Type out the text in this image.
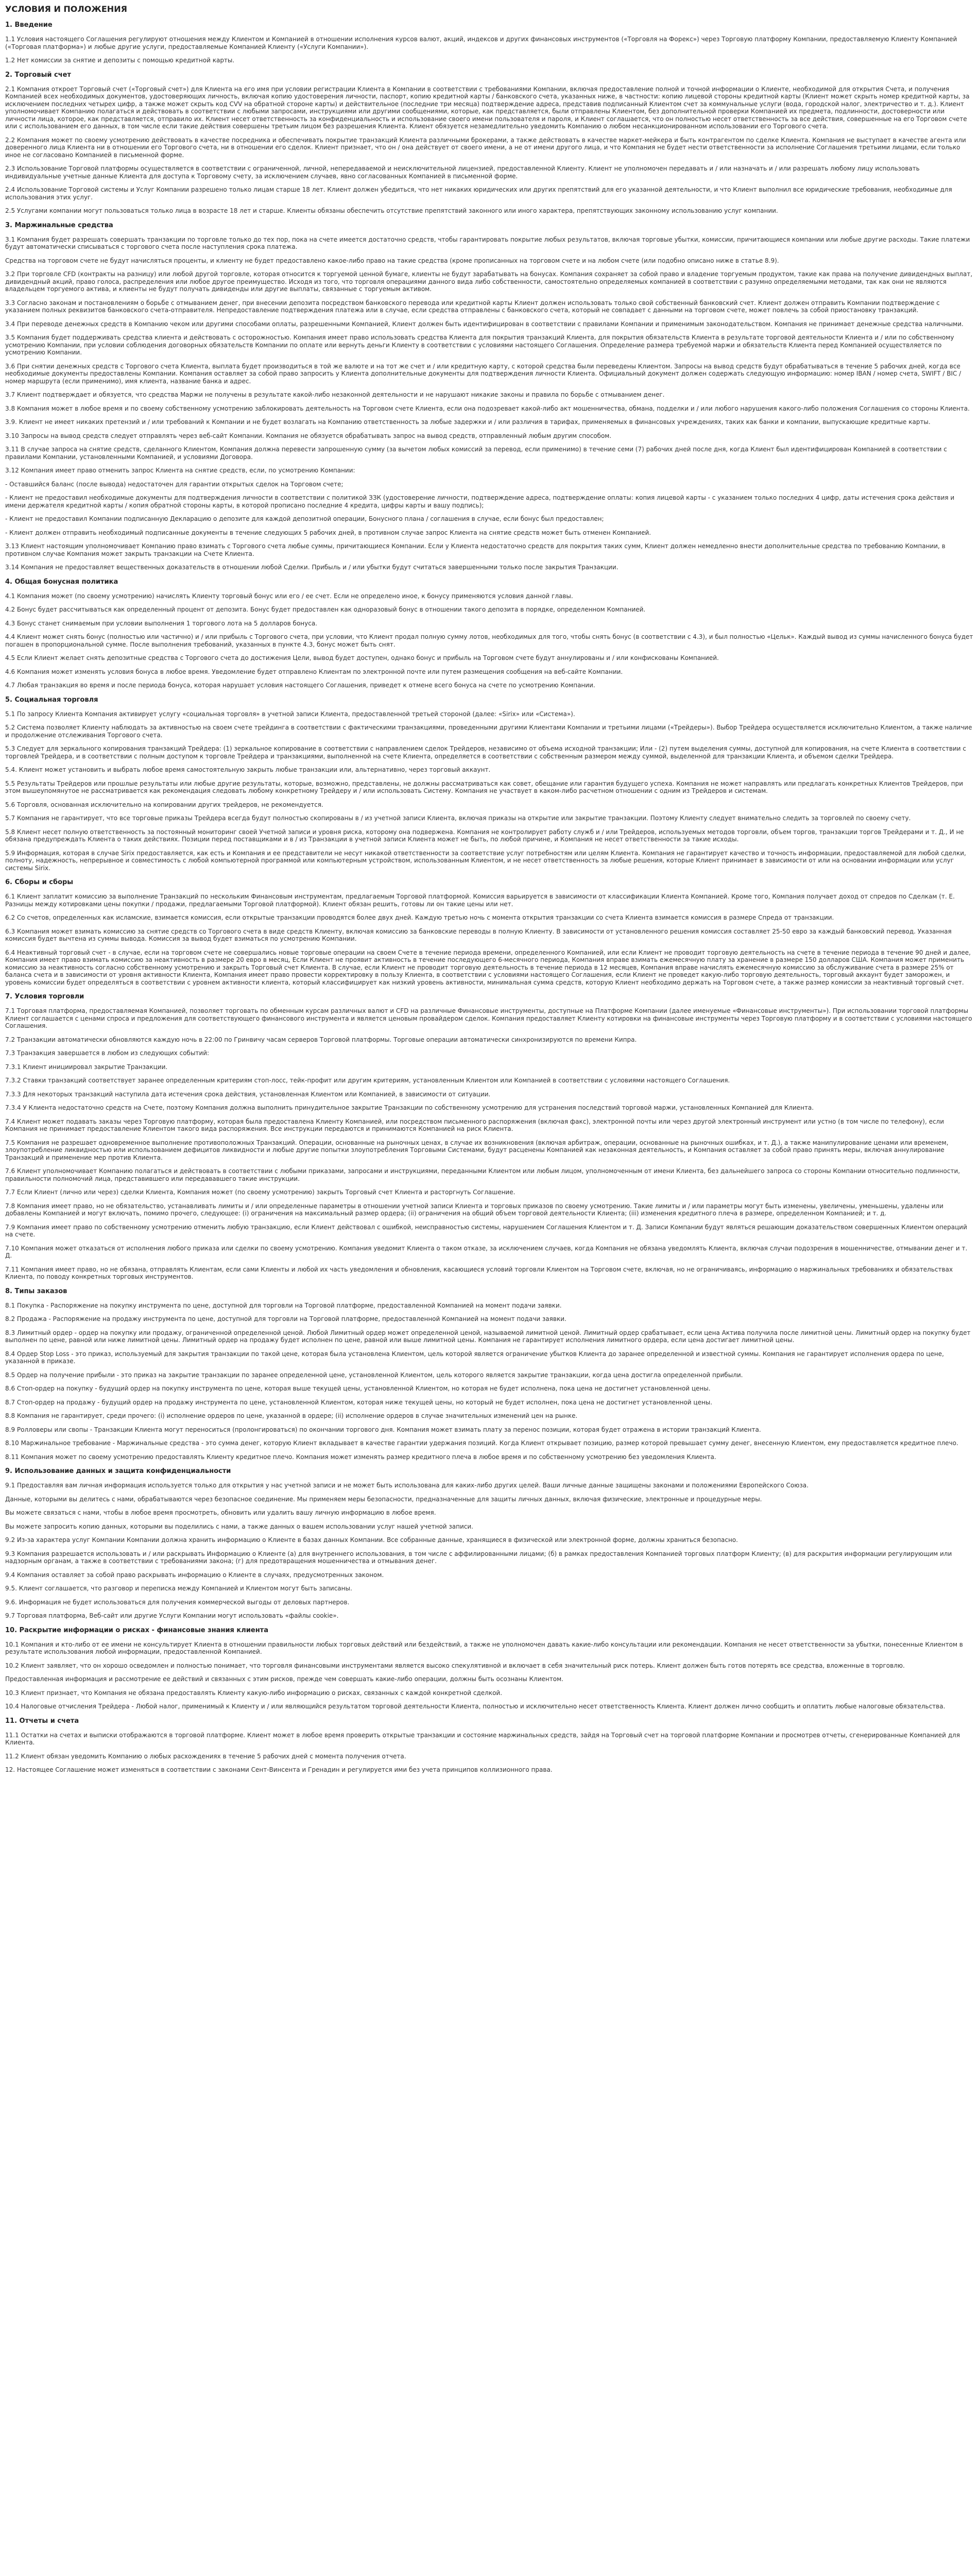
УСЛОВИЯ И ПОЛОЖЕНИЯ
1. Введение
1.1 Условия настоящего Соглашения регулируют отношения между Клиентом и Компанией в отношении исполнения курсов валют, акций, индексов и других финансовых инструментов («Торговля на Форекс») через Торговую платформу Компании, предоставляемую Клиенту Компанией («Торговая платформа») и любые другие услуги, предоставляемые Компанией Клиенту («Услуги Компании»).
1.2 Нет комиссии за снятие и депозиты с помощью кредитной карты.
2. Торговый счет
2.1 Компания откроет Торговый счет («Торговый счет») для Клиента на его имя при условии регистрации Клиента в Компании в соответствии с требованиями Компании, включая предоставление полной и точной информации о Клиенте, необходимой для открытия Счета, и получения Компанией всех необходимых документов, удостоверяющих личность, включая копию удостоверения личности, паспорт, копию кредитной карты / банковского счета, указанных ниже, в частности: копию лицевой стороны кредитной карты (Клиент может скрыть номер кредитной карты, за исключением последних четырех цифр, а также может скрыть код CVV на обратной стороне карты) и действительное (последние три месяца) подтверждение адреса, представив подписанный Клиентом счет за коммунальные услуги (вода, городской налог, электричество и т. д.). Клиент уполномочивает Компанию полагаться и действовать в соответствии с любыми запросами, инструкциями или другими сообщениями, которые, как представляется, были отправлены Клиентом, без дополнительной проверки Компанией их предмета, подлинности, достоверности или личности лица, которое, как представляется, отправило их. Клиент несет ответственность за конфиденциальность и использование своего имени пользователя и пароля, и Клиент соглашается, что он полностью несет ответственность за все действия, совершенные на его Торговом счете или с использованием его данных, в том числе если такие действия совершены третьим лицом без разрешения Клиента. Клиент обязуется незамедлительно уведомить Компанию о любом несанкционированном использовании его Торгового счета.
2.2 Компания может по своему усмотрению действовать в качестве посредника и обеспечивать покрытие транзакций Клиента различными брокерами, а также действовать в качестве маркет-мейкера и быть контрагентом по сделке Клиента. Компания не выступает в качестве агента или доверенного лица Клиента ни в отношении его Торгового счета, ни в отношении его сделок. Клиент признает, что он / она действует от своего имени, а не от имени другого лица, и что Компания не будет нести ответственности за исполнение Соглашения третьими лицами, если только иное не согласовано Компанией в письменной форме.
2.3 Использование Торговой платформы осуществляется в соответствии с ограниченной, личной, непередаваемой и неисключительной лицензией, предоставленной Клиенту. Клиент не уполномочен передавать и / или назначать и / или разрешать любому лицу использовать индивидуальные учетные данные Клиента для доступа к Торговому счету, за исключением случаев, явно согласованных Компанией в письменной форме.
2.4 Использование Торговой системы и Услуг Компании разрешено только лицам старше 18 лет. Клиент должен убедиться, что нет никаких юридических или других препятствий для его указанной деятельности, и что Клиент выполнил все юридические требования, необходимые для использования этих услуг.
2.5 Услугами компании могут пользоваться только лица в возрасте 18 лет и старше. Клиенты обязаны обеспечить отсутствие препятствий законного или иного характера, препятствующих законному использованию услуг компании.
3. Маржинальные средства
3.1 Компания будет разрешать совершать транзакции по торговле только до тех пор, пока на счете имеется достаточно средств, чтобы гарантировать покрытие любых результатов, включая торговые убытки, комиссии, причитающиеся компании или любые другие расходы. Такие платежи будут автоматически списываться с торгового счета после наступления срока платежа.
Средства на торговом счете не будут начисляться проценты, и клиенту не будет предоставлено какое-либо право на такие средства (кроме прописанных на торговом счете и на любом счете (или подобно описано ниже в статье 8.9).
3.2 При торговле CFD (контракты на разницу) или любой другой торговле, которая относится к торгуемой ценной бумаге, клиенты не будут зарабатывать на бонусах. Компания сохраняет за собой право и владение торгуемым продуктом, такие как права на получение дивидендных выплат, дивидендный акций, право голоса, распределения или любое другое преимущество. Исходя из того, что торговля операциями данного вида либо собственности, самостоятельно определяемых компанией в соответствии с разумно определяемыми методами, так как они не являются владельцем торгуемого актива, и клиенты не будут получать дивиденды или другие выплаты, связанные с торгуемым активом.
3.3 Согласно законам и постановлениям о борьбе с отмыванием денег, при внесении депозита посредством банковского перевода или кредитной карты Клиент должен использовать только свой собственный банковский счет. Клиент должен отправить Компании подтверждение с указанием полных реквизитов банковского счета-отправителя. Непредоставление подтверждения платежа или в случае, если средства отправлены с банковского счета, который не совпадает с данными на торговом счете, может повлечь за собой приостановку транзакций.
3.4 При переводе денежных средств в Компанию чеком или другими способами оплаты, разрешенными Компанией, Клиент должен быть идентифицирован в соответствии с правилами Компании и применимым законодательством. Компания не принимает денежные средства наличными.
3.5 Компания будет поддерживать средства клиента и действовать с осторожностью. Компания имеет право использовать средства Клиента для покрытия транзакций Клиента, для покрытия обязательств Клиента в результате торговой деятельности Клиента и / или по собственному усмотрению Компании, при условии соблюдения договорных обязательств Компании по оплате или вернуть деньги Клиенту в соответствии с условиями настоящего Соглашения. Определение размера требуемой маржи и обязательств Клиента перед Компанией осуществляется по усмотрению Компании.
3.6 При снятии денежных средств с Торгового счета Клиента, выплата будет производиться в той же валюте и на тот же счет и / или кредитную карту, с которой средства были переведены Клиентом. Запросы на вывод средств будут обрабатываться в течение 5 рабочих дней, когда все необходимые документы предоставлены Компании. Компания оставляет за собой право запросить у Клиента дополнительные документы для подтверждения личности Клиента. Официальный документ должен содержать следующую информацию: номер IBAN / номер счета, SWIFT / BIC / номер маршрута (если применимо), имя клиента, название банка и адрес.
3.7 Клиент подтверждает и обязуется, что средства Маржи не получены в результате какой-либо незаконной деятельности и не нарушают никакие законы и правила по борьбе с отмыванием денег.
3.8 Компания может в любое время и по своему собственному усмотрению заблокировать деятельность на Торговом счете Клиента, если она подозревает какой-либо акт мошенничества, обмана, подделки и / или любого нарушения какого-либо положения Соглашения со стороны Клиента.
3.9. Клиент не имеет никаких претензий и / или требований к Компании и не будет возлагать на Компанию ответственность за любые задержки и / или различия в тарифах, применяемых в финансовых учреждениях, таких как банки и компании, выпускающие кредитные карты.
3.10 Запросы на вывод средств следует отправлять через веб-сайт Компании. Компания не обязуется обрабатывать запрос на вывод средств, отправленный любым другим способом.
3.11 В случае запроса на снятие средств, сделанного Клиентом, Компания должна перевести запрошенную сумму (за вычетом любых комиссий за перевод, если применимо) в течение семи (7) рабочих дней после дня, когда Клиент был идентифицирован Компанией в соответствии с правилами Компании, установленными Компанией, и условиями Договора.
3.12 Компания имеет право отменить запрос Клиента на снятие средств, если, по усмотрению Компании:
- Оставшийся баланс (после вывода) недостаточен для гарантии открытых сделок на Торговом счете;
- Клиент не предоставил необходимые документы для подтверждения личности в соответствии с политикой ЗЗК (удостоверение личности, подтверждение адреса, подтверждение оплаты: копия лицевой карты - с указанием только последних 4 цифр, даты истечения срока действия и имени держателя кредитной карты / копия обратной стороны карты, в которой прописано последние 4 кредита, цифры карты и вашу подпись);
- Клиент не предоставил Компании подписанную Декларацию о депозите для каждой депозитной операции, Бонусного плана / соглашения в случае, если бонус был предоставлен;
- Клиент должен отправить необходимый подписанные документы в течение следующих 5 рабочих дней, в противном случае запрос Клиента на снятие средств может быть отменен Компанией.
3.13 Клиент настоящим уполномочивает Компанию право взимать с Торгового счета любые суммы, причитающиеся Компании. Если у Клиента недостаточно средств для покрытия таких сумм, Клиент должен немедленно внести дополнительные средства по требованию Компании, в противном случае Компания может закрыть транзакции на Счете Клиента.
3.14 Компания не предоставляет вещественных доказательств в отношении любой Сделки. Прибыль и / или убытки будут считаться завершенными только после закрытия Транзакции.
4. Общая бонусная политика
4.1 Компания может (по своему усмотрению) начислять Клиенту торговый бонус или его / ее счет. Если не определено иное, к бонусу применяются условия данной главы.
4.2 Бонус будет рассчитываться как определенный процент от депозита. Бонус будет предоставлен как одноразовый бонус в отношении такого депозита в порядке, определенном Компанией.
4.3 Бонус станет снимаемым при условии выполнения 1 торгового лота на 5 долларов бонуса.
4.4 Клиент может снять бонус (полностью или частично) и / или прибыль с Торгового счета, при условии, что Клиент продал полную сумму лотов, необходимых для того, чтобы снять бонус (в соответствии с 4.3), и был полностью «Цельк». Каждый вывод из суммы начисленного бонуса будет погашен в пропорциональной сумме. После выполнения требований, указанных в пункте 4.3, бонус может быть снят.
4.5 Если Клиент желает снять депозитные средства с Торгового счета до достижения Цели, вывод будет доступен, однако бонус и прибыль на Торговом счете будут аннулированы и / или конфискованы Компанией.
4.6 Компания может изменять условия бонуса в любое время. Уведомление будет отправлено Клиентам по электронной почте или путем размещения сообщения на веб-сайте Компании.
4.7 Любая транзакция во время и после периода бонуса, которая нарушает условия настоящего Соглашения, приведет к отмене всего бонуса на счете по усмотрению Компании.
5. Социальная торговля
5.1 По запросу Клиента Компания активирует услугу «социальная торговля» в учетной записи Клиента, предоставленной третьей стороной (далее: «Sirix» или «Система»).
5.2 Система позволяет Клиенту наблюдать за активностью на своем счете трейдинга в соответствии с фактическими транзакциями, проведенными другими Клиентами Компании и третьими лицами («Трейдеры»). Выбор Трейдера осуществляется исключительно Клиентом, а также наличие и продолжение отслеживания Торгового счета.
5.3 Следует для зеркального копирования транзакций Трейдера: (1) зеркальное копирование в соответствии с направлением сделок Трейдеров, независимо от объема исходной транзакции; Или - (2) путем выделения суммы, доступной для копирования, на счете Клиента в соответствии с торговлей Трейдера, и в соответствии с полным доступом к торговле Трейдера и транзакциями, выполненной на счете Клиента, определяется в соответствии с собственным размером между суммой, выделенной для транзакции Клиента, и объемом сделки Трейдера.
5.4. Клиент может установить и выбрать любое время самостоятельную закрыть любые транзакции или, альтернативно, через торговый аккаунт.
5.5 Результаты Трейдеров или прошлые результаты или любые другие результаты, которые, возможно, представлены, не должны рассматриваться как совет, обещание или гарантия будущего успеха. Компания не может направлять или предлагать конкретных Клиентов Трейдеров, при этом вышеупомянутое не рассматривается как рекомендация следовать любому конкретному Трейдеру и / или использовать Систему. Компания не участвует в каком-либо расчетном отношении с одним из Трейдеров и системам.
5.6 Торговля, основанная исключительно на копировании других трейдеров, не рекомендуется.
5.7 Компания не гарантирует, что все торговые приказы Трейдера всегда будут полностью скопированы в / из учетной записи Клиента, включая приказы на открытие или закрытие транзакции. Поэтому Клиенту следует внимательно следить за торговлей по своему счету.
5.8 Клиент несет полную ответственность за постоянный мониторинг своей Учетной записи и уровня риска, которому она подвержена. Компания не контролирует работу служб и / или Трейдеров, используемых методов торговли, объем торгов, транзакции торгов Трейдерами и т. Д., И не обязана предупреждать Клиента о таких действиях. Позиции перед поставщиками и в / из Транзакции в учетной записи Клиента может не быть, по любой причине, и Компания не несет ответственности за такие исходы.
5.9 Информация, которая в случае Sirix предоставляется, как есть и Компания и ее представители не несут никакой ответственности за соответствие услуг потребностям или целям Клиента. Компания не гарантирует качество и точность информации, предоставляемой для любой сделки, полноту, надежность, непрерывное и совместимость с любой компьютерной программой или компьютерным устройством, использованным Клиентом, и не несет ответственность за любые решения, которые Клиент принимает в зависимости от или на основании информации или услуг системы Sirix.
6. Сборы и сборы
6.1 Клиент заплатит комиссию за выполнение Транзакций по нескольким Финансовым инструментам, предлагаемым Торговой платформой. Комиссия варьируется в зависимости от классификации Клиента Компанией. Кроме того, Компания получает доход от спредов по Сделкам (т. Е. Разницы между котировками цены покупки / продажи, предлагаемыми Торговой платформой). Клиент обязан решить, готовы ли он такие цены или нет.
6.2 Со счетов, определенных как исламские, взимается комиссия, если открытые транзакции проводятся более двух дней. Каждую третью ночь с момента открытия транзакции со счета Клиента взимается комиссия в размере Спреда от транзакции.
6.3 Компания может взимать комиссию за снятие средств со Торгового счета в виде средств Клиенту, включая комиссию за банковские переводы в полную Клиенту. В зависимости от установленного решения комиссия составляет 25-50 евро за каждый банковский перевод. Указанная комиссия будет вычтена из суммы вывода. Комиссия за вывод будет взиматься по усмотрению Компании.
6.4 Неактивный торговый счет - в случае, если на торговом счете не совершались новые торговые операции на своем Счете в течение периода времени, определенного Компанией, или если Клиент не проводит торговую деятельность на счете в течение периода в течение 90 дней и далее, Компания имеет право взимать комиссию за неактивность в размере 20 евро в месяц, Если Клиент не проявит активность в течение последующего 6-месячного периода, Компания вправе взимать ежемесячную плату за хранение в размере 150 долларов США. Компания может применить комиссию за неактивность согласно собственному усмотрению и закрыть Торговый счет Клиента. В случае, если Клиент не проводит торговую деятельность в течение периода в 12 месяцев, Компания вправе начислять ежемесячную комиссию за обслуживание счета в размере 25% от баланса счета и в зависимости от уровня активности Клиента, Компания имеет право провести корректировку в пользу Клиента, в соответствии с условиями настоящего Соглашения, если Клиент не проведет какую-либо торговую деятельность, торговый аккаунт будет заморожен, и уровень комиссии будет определяться в соответствии с уровнем активности клиента, который классифицирует как низкий уровень активности, минимальная сумма средств, которую Клиент необходимо держать на Торговом счете, а также размер комиссии за неактивный торговый счет.
7. Условия торговли
7.1 Торговая платформа, предоставляемая Компанией, позволяет торговать по обменным курсам различных валют и CFD на различные Финансовые инструменты, доступные на Платформе Компании (далее именуемые «Финансовые инструменты»). При использовании торговой платформы Клиент соглашается с ценами спроса и предложения для соответствующего финансового инструмента и является ценовым провайдером сделок. Компания предоставляет Клиенту котировки на финансовые инструменты через Торговую платформу и в соответствии с условиями настоящего Соглашения.
7.2 Транзакции автоматически обновляются каждую ночь в 22:00 по Гринвичу часам серверов Торговой платформы. Торговые операции автоматически синхронизируются по времени Кипра.
7.3 Транзакция завершается в любом из следующих событий:
7.3.1 Клиент инициировал закрытие Транзакции.
7.3.2 Ставки транзакций соответствует заранее определенным критериям стоп-лосс, тейк-профит или другим критериям, установленным Клиентом или Компанией в соответствии с условиями настоящего Соглашения.
7.3.3 Для некоторых транзакций наступила дата истечения срока действия, установленная Клиентом или Компанией, в зависимости от ситуации.
7.3.4 У Клиента недостаточно средств на Счете, поэтому Компания должна выполнить принудительное закрытие Транзакции по собственному усмотрению для устранения последствий торговой маржи, установленных Компанией для Клиента.
7.4 Клиент может подавать заказы через Торговую платформу, которая была предоставлена Клиенту Компанией, или посредством письменного распоряжения (включая факс), электронной почты или через другой электронный инструмент или устно (в том числе по телефону), если Компания не принимает предоставление Клиентом такого вида распоряжения. Все инструкции передаются и принимаются Компанией на риск Клиента.
7.5 Компания не разрешает одновременное выполнение противоположных Транзакций. Операции, основанные на рыночных ценах, в случае их возникновения (включая арбитраж, операции, основанные на рыночных ошибках, и т. Д.), а также манипулирование ценами или временем, злоупотребление ликвидностью или использованием дефицитов ликвидности и любые другие попытки злоупотребления Торговыми Системами, будут расценены Компанией как незаконная деятельность, и Компания оставляет за собой право принять меры, включая аннулирование Транзакций и применение мер против Клиента.
7.6 Клиент уполномочивает Компанию полагаться и действовать в соответствии с любыми приказами, запросами и инструкциями, переданными Клиентом или любым лицом, уполномоченным от имени Клиента, без дальнейшего запроса со стороны Компании относительно подлинности, правильности полномочий лица, представившего или передававшего такие инструкции.
7.7 Если Клиент (лично или через) сделки Клиента, Компания может (по своему усмотрению) закрыть Торговый счет Клиента и расторгнуть Соглашение.
7.8 Компания имеет право, но не обязательство, устанавливать лимиты и / или определенные параметры в отношении учетной записи Клиента и торговых приказов по своему усмотрению. Такие лимиты и / или параметры могут быть изменены, увеличены, уменьшены, удалены или добавлены Компанией и могут включать, помимо прочего, следующее: (i) ограничения на максимальный размер ордера; (ii) ограничения на общий объем торговой деятельности Клиента; (iii) изменения кредитного плеча в размере, определенном Компанией; и т. д.
7.9 Компания имеет право по собственному усмотрению отменить любую транзакцию, если Клиент действовал с ошибкой, неисправностью системы, нарушением Соглашения Клиентом и т. Д. Записи Компании будут являться решающим доказательством совершенных Клиентом операций на счете.
7.10 Компания может отказаться от исполнения любого приказа или сделки по своему усмотрению. Компания уведомит Клиента о таком отказе, за исключением случаев, когда Компания не обязана уведомлять Клиента, включая случаи подозрения в мошенничестве, отмывании денег и т. Д.
7.11 Компания имеет право, но не обязана, отправлять Клиентам, если сами Клиенты и любой их часть уведомления и обновления, касающиеся условий торговли Клиентом на Торговом счете, включая, но не ограничиваясь, информацию о маржинальных требованиях и обязательствах Клиента, по поводу конкретных торговых инструментов.
8. Типы заказов
8.1 Покупка - Распоряжение на покупку инструмента по цене, доступной для торговли на Торговой платформе, предоставленной Компанией на момент подачи заявки.
8.2 Продажа - Распоряжение на продажу инструмента по цене, доступной для торговли на Торговой платформе, предоставленной Компанией на момент подачи заявки.
8.3 Лимитный ордер - ордер на покупку или продажу, ограниченной определенной ценой. Любой Лимитный ордер может определенной ценой, называемой лимитной ценой. Лимитный ордер срабатывает, если цена Актива получила после лимитной цены. Лимитный ордер на покупку будет выполнен по цене, равной или ниже лимитной цены. Лимитный ордер на продажу будет исполнен по цене, равной или выше лимитной цены. Компания не гарантирует исполнения лимитного ордера, если цена достигает лимитной цены.
8.4 Ордер Stop Loss - это приказ, используемый для закрытия транзакции по такой цене, которая была установлена Клиентом, цель которой является ограничение убытков Клиента до заранее определенной и известной суммы. Компания не гарантирует исполнения ордера по цене, указанной в приказе.
8.5 Ордер на получение прибыли - это приказ на закрытие транзакции по заранее определенной цене, установленной Клиентом, цель которого является закрытие транзакции, когда цена достигла определенной прибыли.
8.6 Стоп-ордер на покупку - будущий ордер на покупку инструмента по цене, которая выше текущей цены, установленной Клиентом, но которая не будет исполнена, пока цена не достигнет установленной цены.
8.7 Стоп-ордер на продажу - будущий ордер на продажу инструмента по цене, установленной Клиентом, которая ниже текущей цены, но который не будет исполнен, пока цена не достигнет установленной цены.
8.8 Компания не гарантирует, среди прочего: (i) исполнение ордеров по цене, указанной в ордере; (ii) исполнение ордеров в случае значительных изменений цен на рынке.
8.9 Ролловеры или свопы - Транзакции Клиента могут переноситься (пролонгироваться) по окончании торгового дня. Компания может взимать плату за перенос позиции, которая будет отражена в истории транзакций Клиента.
8.10 Маржинальное требование - Маржинальные средства - это сумма денег, которую Клиент вкладывает в качестве гарантии удержания позиций. Когда Клиент открывает позицию, размер которой превышает сумму денег, внесенную Клиентом, ему предоставляется кредитное плечо.
8.11 Компания может по своему усмотрению предоставлять Клиенту кредитное плечо. Компания может изменять размер кредитного плеча в любое время и по собственному усмотрению без уведомления Клиента.
9. Использование данных и защита конфиденциальности
9.1 Предоставляя вам личная информация используется только для открытия у нас учетной записи и не может быть использована для каких-либо других целей. Ваши личные данные защищены законами и положениями Европейского Союза.
Данные, которыми вы делитесь с нами, обрабатываются через безопасное соединение. Мы применяем меры безопасности, предназначенные для защиты личных данных, включая физические, электронные и процедурные меры.
Вы можете связаться с нами, чтобы в любое время просмотреть, обновить или удалить вашу личную информацию в любое время.
Вы можете запросить копию данных, которыми вы поделились с нами, а также данных о вашем использовании услуг нашей учетной записи.
9.2 Из-за характера услуг Компании Компании должна хранить информацию о Клиенте в базах данных Компании. Все собранные данные, хранящиеся в физической или электронной форме, должны храниться безопасно.
9.3 Компания разрешается использовать и / или раскрывать Информацию о Клиенте (а) для внутреннего использования, в том числе с аффилированными лицами; (б) в рамках предоставления Компанией торговых платформ Клиенту; (в) для раскрытия информации регулирующим или надзорным органам, а также в соответствии с требованиями закона; (г) для предотвращения мошенничества и отмывания денег.
9.4 Компания оставляет за собой право раскрывать информацию о Клиенте в случаях, предусмотренных законом.
9.5. Клиент соглашается, что разговор и переписка между Компанией и Клиентом могут быть записаны.
9.6. Информация не будет использоваться для получения коммерческой выгоды от деловых партнеров.
9.7 Торговая платформа, Веб-сайт или другие Услуги Компании могут использовать «файлы cookie».
10. Раскрытие информации о рисках - финансовые знания клиента
10.1 Компания и кто-либо от ее имени не консультирует Клиента в отношении правильности любых торговых действий или бездействий, а также не уполномочен давать какие-либо консультации или рекомендации. Компания не несет ответственности за убытки, понесенные Клиентом в результате использования любой информации, предоставленной Компанией.
10.2 Клиент заявляет, что он хорошо осведомлен и полностью понимает, что торговля финансовыми инструментами является высоко спекулятивной и включает в себя значительный риск потерь. Клиент должен быть готов потерять все средства, вложенные в торговлю.
Предоставленная информация и рассмотрение ее действий и связанных с этим рисков, прежде чем совершать какие-либо операции, должны быть осознаны Клиентом.
10.3 Клиент признает, что Компания не обязана предоставлять Клиенту какую-либо информацию о рисках, связанных с каждой конкретной сделкой.
10.4 Налоговые отчисления Трейдера - Любой налог, применимый к Клиенту и / или являющийся результатом торговой деятельности Клиента, полностью и исключительно несет ответственность Клиента. Клиент должен лично сообщить и оплатить любые налоговые обязательства.
11. Отчеты и счета
11.1 Остатки на счетах и выписки отображаются в торговой платформе. Клиент может в любое время проверить открытые транзакции и состояние маржинальных средств, зайдя на Торговый счет на торговой платформе Компании и просмотрев отчеты, сгенерированные Компанией для Клиента.
11.2 Клиент обязан уведомить Компанию о любых расхождениях в течение 5 рабочих дней с момента получения отчета.
12. Настоящее Соглашение может изменяться в соответствии с законами Сент-Винсента и Гренадин и регулируется ими без учета принципов коллизионного права.
